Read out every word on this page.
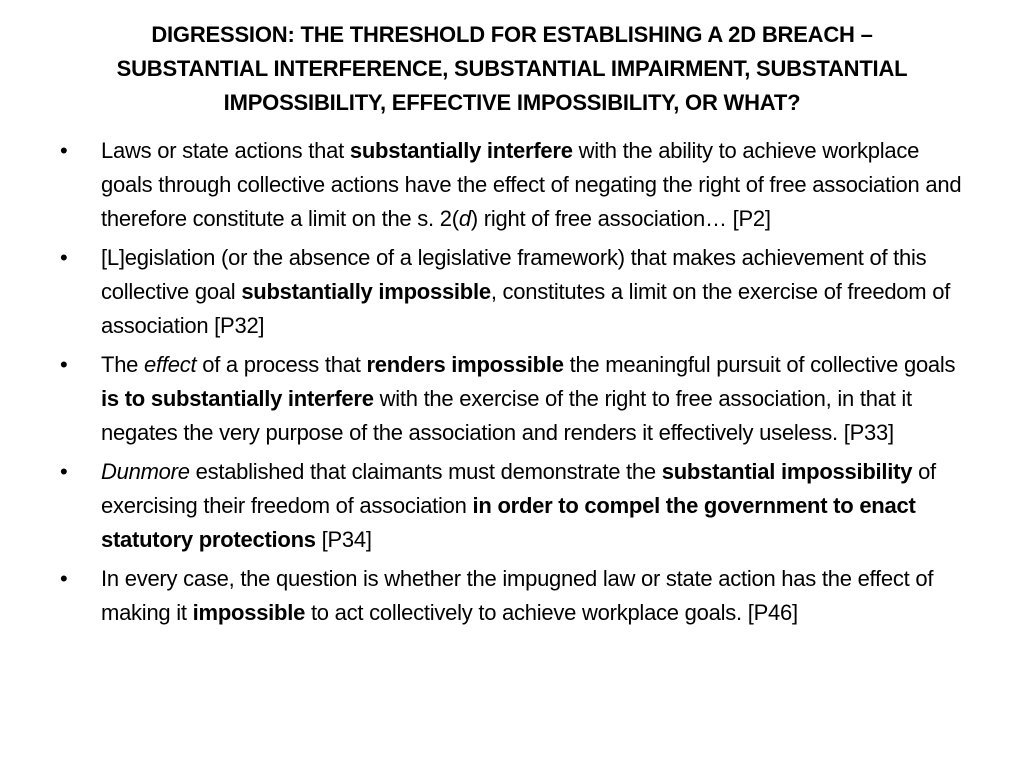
DIGRESSION: THE THRESHOLD FOR ESTABLISHING A 2D BREACH –
SUBSTANTIAL INTERFERENCE, SUBSTANTIAL IMPAIRMENT, SUBSTANTIAL
IMPOSSIBILITY, EFFECTIVE IMPOSSIBILITY, OR WHAT?
•	Laws or state actions that substantially interfere with the ability to achieve workplace goals through collective actions have the effect of negating the right of free association and therefore constitute a limit on the s. 2(d) right of free association… [P2]
•	[L]egislation (or the absence of a legislative framework) that makes achievement of this collective goal substantially impossible, constitutes a limit on the exercise of freedom of association [P32]
•	The effect of a process that renders impossible the meaningful pursuit of collective goals is to substantially interfere with the exercise of the right to free association, in that it negates the very purpose of the association and renders it effectively useless. [P33]
•	Dunmore established that claimants must demonstrate the substantial impossibility of exercising their freedom of association in order to compel the government to enact statutory protections [P34]
•	In every case, the question is whether the impugned law or state action has the effect of making it impossible to act collectively to achieve workplace goals. [P46]
